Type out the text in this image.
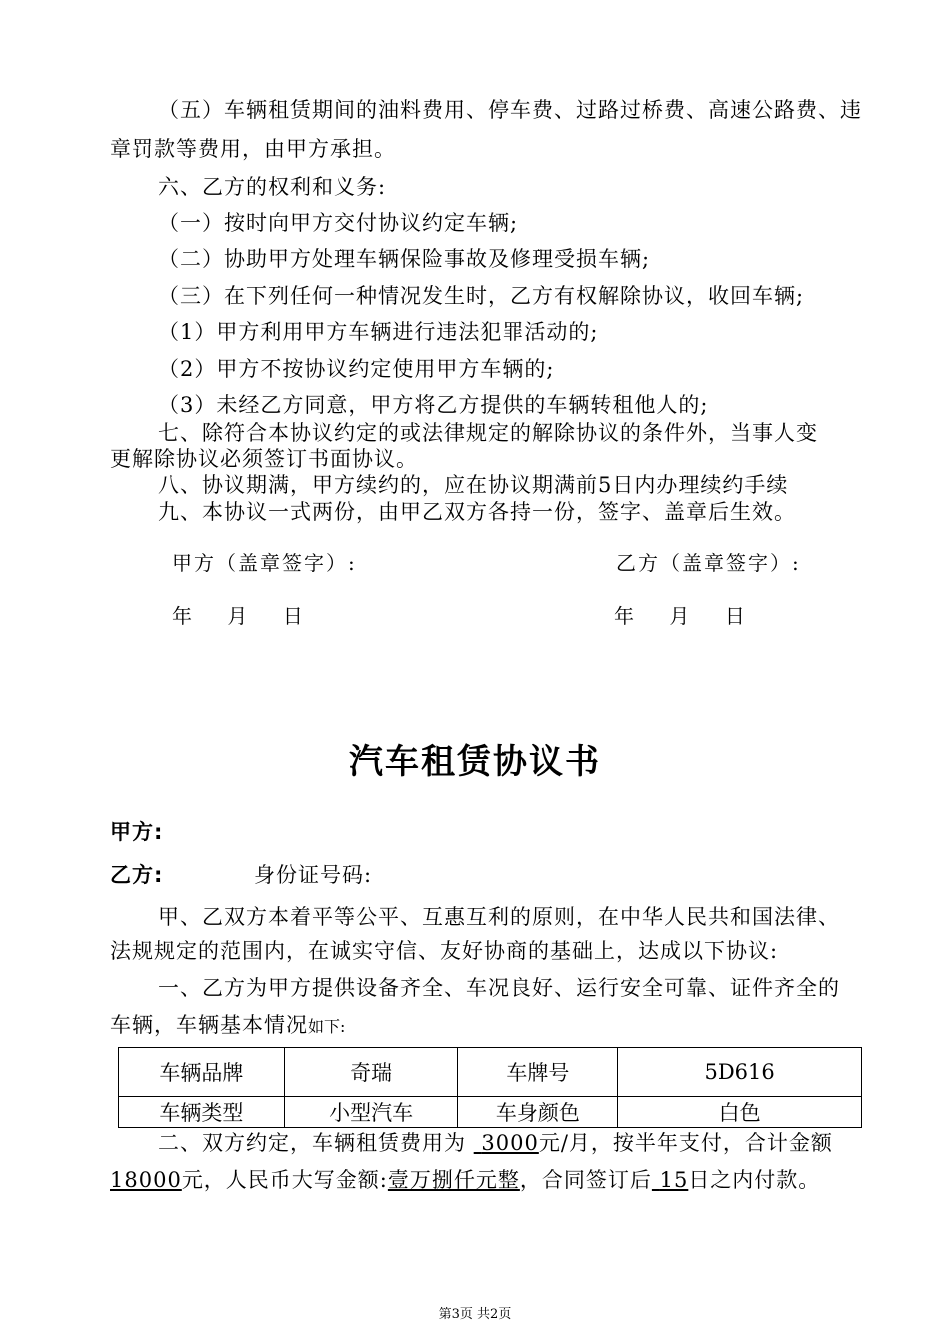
（五）车辆租赁期间的油料费用、停车费、过路过桥费、高速公路费、违
章罚款等费用，由甲方承担。
六、乙方的权利和义务:
（一）按时向甲方交付协议约定车辆;
（二）协助甲方处理车辆保险事故及修理受损车辆;
（三）在下列任何一种情况发生时，乙方有权解除协议，收回车辆;
（1）甲方利用甲方车辆进行违法犯罪活动的;
（2）甲方不按协议约定使用甲方车辆的;
（3）未经乙方同意，甲方将乙方提供的车辆转租他人的;
七、除符合本协议约定的或法律规定的解除协议的条件外，当事人变
更解除协议必须签订书面协议。
八、协议期满，甲方续约的，应在协议期满前5日内办理续约手续
九、本协议一式两份，由甲乙双方各持一份，签字、盖章后生效。
甲方（盖章签字）:	乙方（盖章签字）:
年    月    日	年    月    日
汽车租赁协议书
甲方:
乙方:	身份证号码:
甲、乙双方本着平等公平、互惠互利的原则，在中华人民共和国法律、
法规规定的范围内，在诚实守信、友好协商的基础上，达成以下协议:
一、乙方为甲方提供设备齐全、车况良好、运行安全可靠、证件齐全的
车辆，车辆基本情况如下:
车辆品牌	奇瑞	车牌号	5D616
车辆类型	小型汽车	车身颜色	白色
二、双方约定，车辆租赁费用为 3000元/月，按半年支付，合计金额
18000元，人民币大写金额:壹万捌仟元整，合同签订后 15日之内付款。
第3页 共2页
